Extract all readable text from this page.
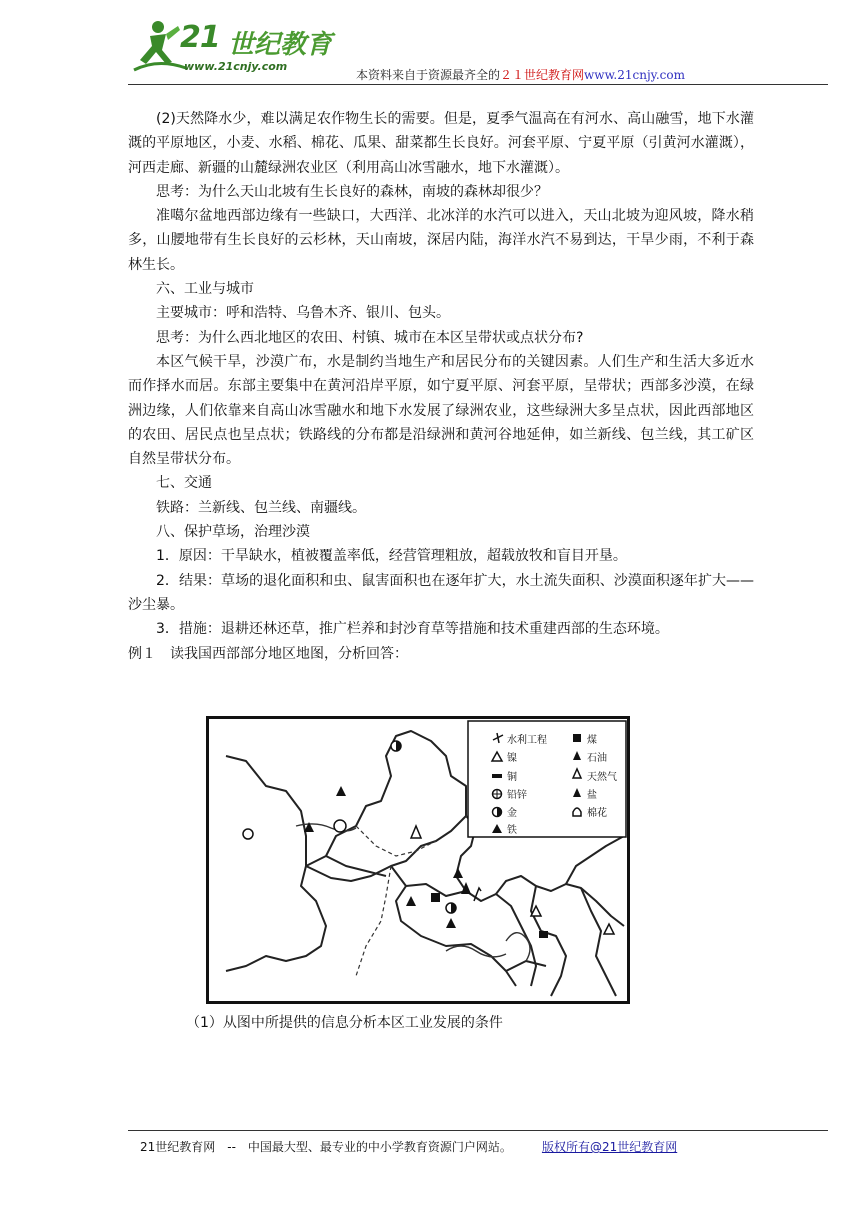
21 世纪教育
www.21cnjy.com
本资料来自于资源最齐全的２１世纪教育网www.21cnjy.com

(2)天然降水少，难以满足农作物生长的需要。但是，夏季气温高在有河水、高山融雪，地下水灌溉的平原地区，小麦、水稻、棉花、瓜果、甜菜都生长良好。河套平原、宁夏平原（引黄河水灌溉），河西走廊、新疆的山麓绿洲农业区（利用高山冰雪融水，地下水灌溉）。

思考：为什么天山北坡有生长良好的森林，南坡的森林却很少？

准噶尔盆地西部边缘有一些缺口，大西洋、北冰洋的水汽可以进入，天山北坡为迎风坡，降水稍多，山腰地带有生长良好的云杉林，天山南坡，深居内陆，海洋水汽不易到达，干旱少雨，不利于森林生长。

六、工业与城市

主要城市：呼和浩特、乌鲁木齐、银川、包头。

思考：为什么西北地区的农田、村镇、城市在本区呈带状或点状分布?

本区气候干旱，沙漠广布，水是制约当地生产和居民分布的关键因素。人们生产和生活大多近水而作择水而居。东部主要集中在黄河沿岸平原，如宁夏平原、河套平原，呈带状；西部多沙漠，在绿洲边缘，人们依靠来自高山冰雪融水和地下水发展了绿洲农业，这些绿洲大多呈点状，因此西部地区的农田、居民点也呈点状；铁路线的分布都是沿绿洲和黄河谷地延伸，如兰新线、包兰线，其工矿区自然呈带状分布。

七、交通

铁路：兰新线、包兰线、南疆线。

八、保护草场，治理沙漠

1．原因：干旱缺水，植被覆盖率低，经营管理粗放，超载放牧和盲目开垦。

2．结果：草场的退化面积和虫、鼠害面积也在逐年扩大，水土流失面积、沙漠面积逐年扩大——沙尘暴。

3．措施：退耕还林还草，推广栏养和封沙育草等措施和技术重建西部的生态环境。

例１　读我国西部部分地区地图，分析回答：

水利工程	煤
镍	石油
铜	天然气
铅锌	盐
金	棉花
铁
（1）从图中所提供的信息分析本区工业发展的条件
21世纪教育网　--　中国最大型、最专业的中小学教育资源门户网站。	版权所有@21世纪教育网
